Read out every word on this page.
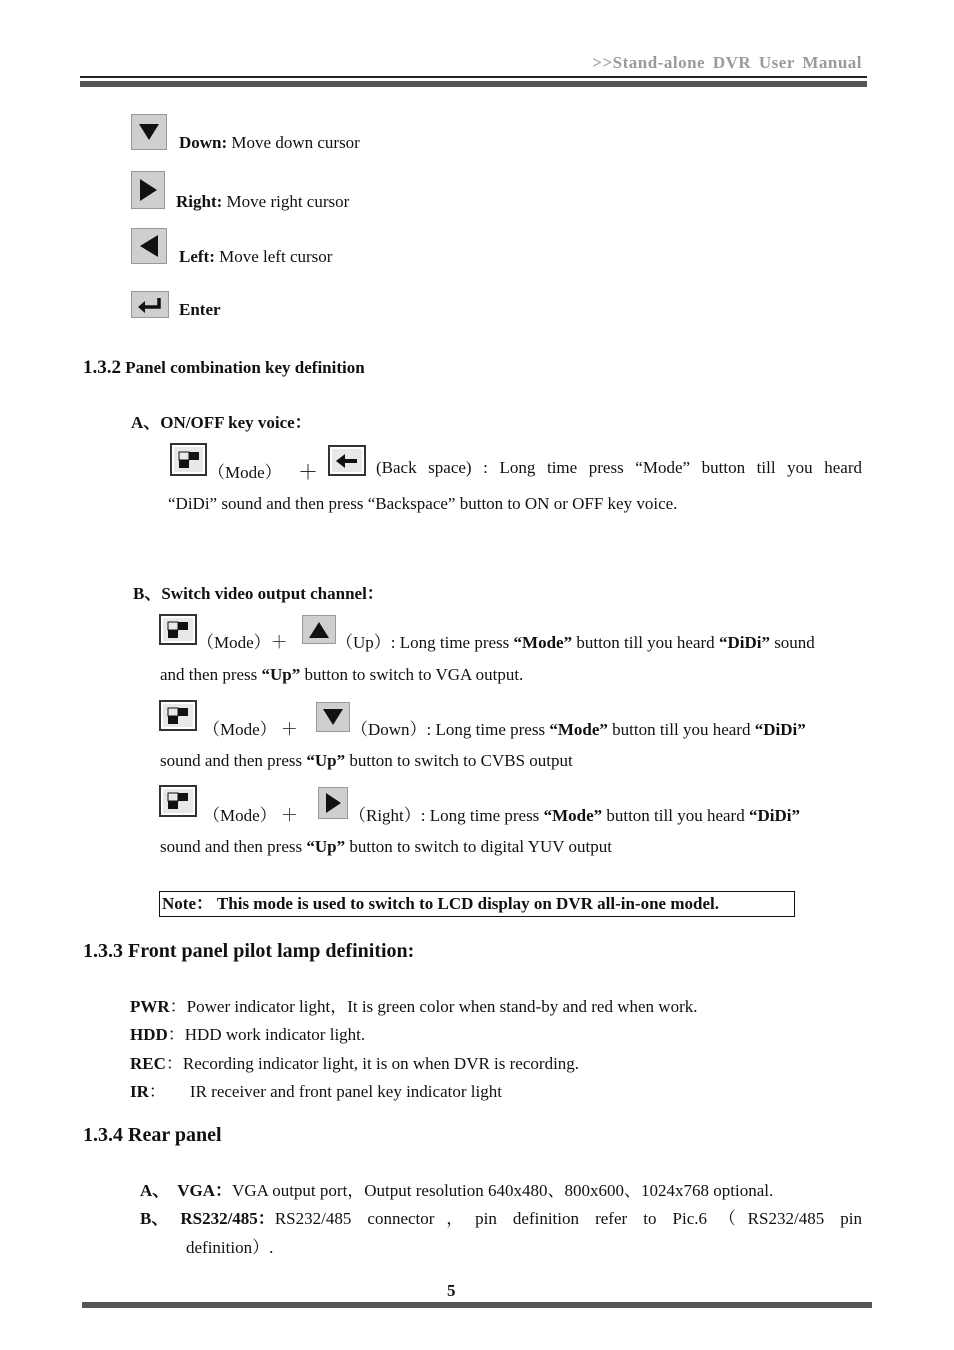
>>Stand-alone DVR User Manual
Down: Move down cursor
Right: Move right cursor
Left: Move left cursor
Enter
1.3.2 Panel combination key definition
A、ON/OFF key voice：
（Mode） ＋	(Back space) : Long time press “Mode” button till you heard
“DiDi” sound and then press “Backspace” button to ON or OFF key voice.
B、Switch video output channel：
（Mode）＋	（Up）: Long time press “Mode” button till you heard “DiDi” sound
and then press “Up” button to switch to VGA output.
（Mode） ＋	（Down）: Long time press “Mode” button till you heard “DiDi”
sound and then press “Up” button to switch to CVBS output
（Mode） ＋	（Right）: Long time press “Mode” button till you heard “DiDi”
sound and then press “Up” button to switch to digital YUV output
Note： This mode is used to switch to LCD display on DVR all-in-one model.
1.3.3 Front panel pilot lamp definition:
PWR：Power indicator light，It is green color when stand-by and red when work.
HDD：HDD work indicator light.
REC：Recording indicator light, it is on when DVR is recording.
IR： IR receiver and front panel key indicator light
1.3.4 Rear panel
A、 VGA：VGA output port，Output resolution 640x480、800x600、1024x768 optional.
B、 RS232/485： RS232/485 connector，pin definition refer to Pic.6（RS232/485 pin
definition）.
5
